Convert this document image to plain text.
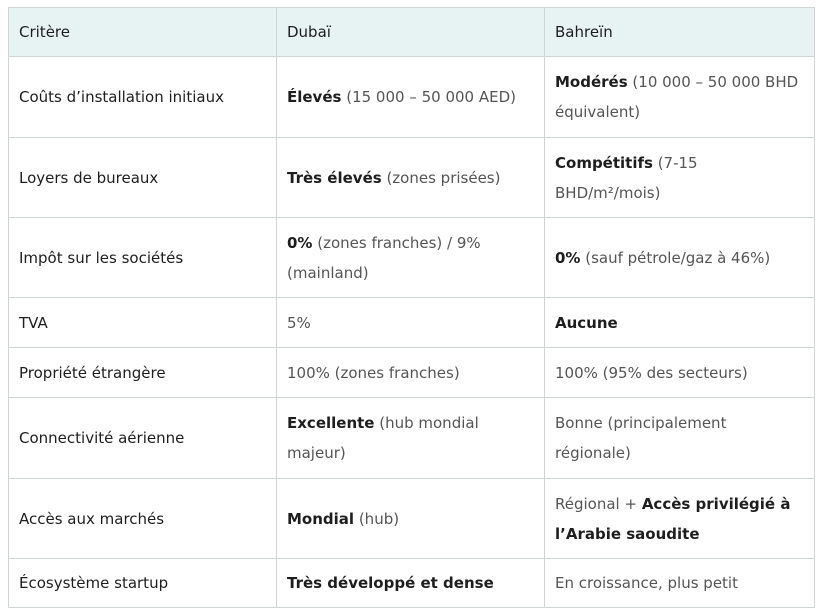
Critère	Dubaï	Bahreïn
Coûts d’installation initiaux	Élevés (15 000 – 50 000 AED)	Modérés (10 000 – 50 000 BHD équivalent)
Loyers de bureaux	Très élevés (zones prisées)	Compétitifs (7-15 BHD/m²/mois)
Impôt sur les sociétés	0% (zones franches) / 9% (mainland)	0% (sauf pétrole/gaz à 46%)
TVA	5%	Aucune
Propriété étrangère	100% (zones franches)	100% (95% des secteurs)
Connectivité aérienne	Excellente (hub mondial majeur)	Bonne (principalement régionale)
Accès aux marchés	Mondial (hub)	Régional + Accès privilégié à l’Arabie saoudite
Écosystème startup	Très développé et dense	En croissance, plus petit
